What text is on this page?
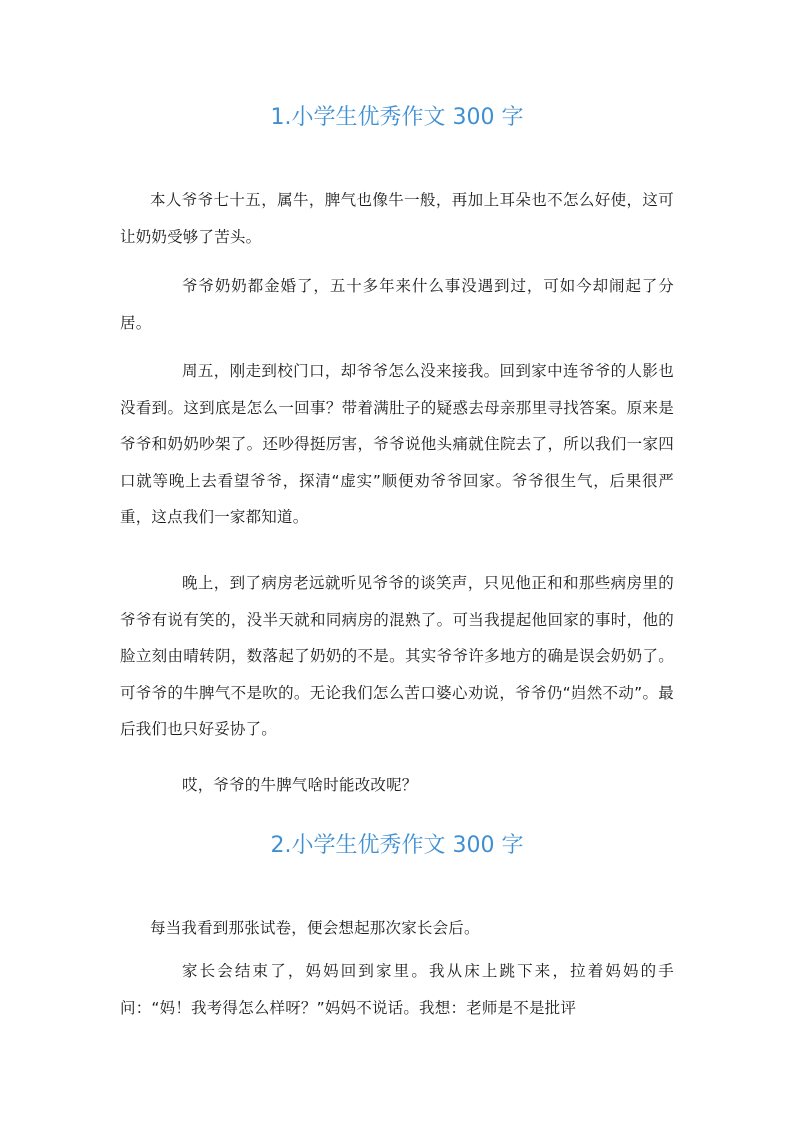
1.小学生优秀作文 300 字

本人爷爷七十五，属牛，脾气也像牛一般，再加上耳朵也不怎么好使，这可让奶奶受够了苦头。

爷爷奶奶都金婚了，五十多年来什么事没遇到过，可如今却闹起了分居。

周五，刚走到校门口，却爷爷怎么没来接我。回到家中连爷爷的人影也没看到。这到底是怎么一回事？带着满肚子的疑惑去母亲那里寻找答案。原来是爷爷和奶奶吵架了。还吵得挺厉害，爷爷说他头痛就住院去了，所以我们一家四口就等晚上去看望爷爷，探清“虚实”顺便劝爷爷回家。爷爷很生气，后果很严重，这点我们一家都知道。

晚上，到了病房老远就听见爷爷的谈笑声，只见他正和和那些病房里的爷爷有说有笑的，没半天就和同病房的混熟了。可当我提起他回家的事时，他的脸立刻由晴转阴，数落起了奶奶的不是。其实爷爷许多地方的确是误会奶奶了。可爷爷的牛脾气不是吹的。无论我们怎么苦口婆心劝说，爷爷仍“岿然不动”。最后我们也只好妥协了。

哎，爷爷的牛脾气啥时能改改呢？

2.小学生优秀作文 300 字

每当我看到那张试卷，便会想起那次家长会后。

家长会结束了，妈妈回到家里。我从床上跳下来，拉着妈妈的手问：“妈！我考得怎么样呀？”妈妈不说话。我想：老师是不是批评
